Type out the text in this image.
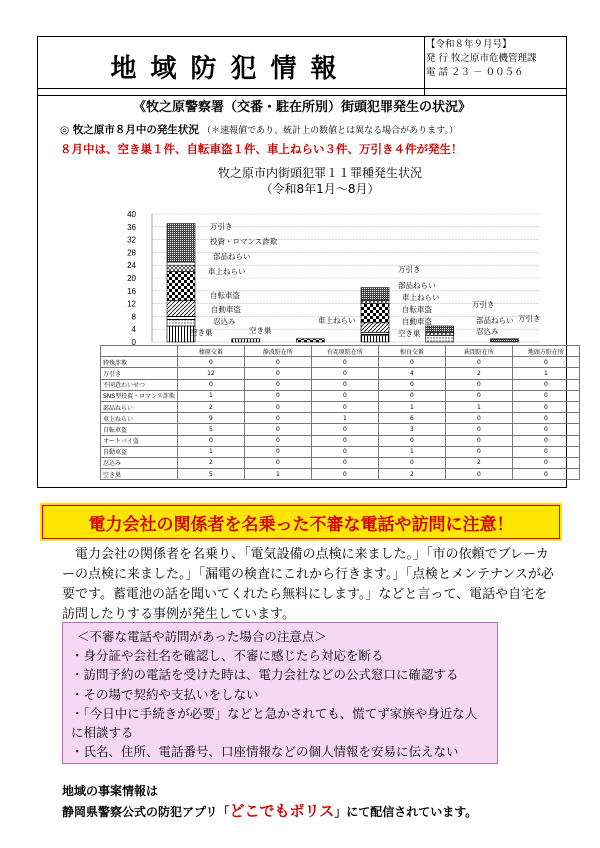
地域防犯情報
【令和８年９月号】
発 行 牧之原市危機管理課
電 話 ２３ － ００５６
《牧之原警察署（交番・駐在所別）街頭犯罪発生の状況》
◎ 牧之原市８月中の発生状況 （＊速報値であり、統計上の数値とは異なる場合があります。）
８月中は、空き巣１件、自転車盗１件、車上ねらい３件、万引き４件が発生！
牧之原市内街頭犯罪１１罪種発生状況
（令和8年1月～8月）
0
4
8
12
16
20
24
28
32
36
40
万引き
投資・ロマンス詐欺
部品ねらい
車上ねらい
自転車盗
自動車盗
忍込み
空き巣	空き巣
車上ねらい
万引き
部品ねらい
車上ねらい
自転車盗
自動車盗
空き巣
万引き
部品ねらい
忍込み
万引き
	榛原交番	静波駐在所	有㐂原駐在所	相良交番	萩間駐在所	地頭方駐在所
特殊詐欺	0	0	0	0	0	0
万引き	12	0	0	4	2	1
不同意わいせつ	0	0	0	0	0	0
SNS型投資・ロマンス詐欺	1	0	0	0	0	0
部品ねらい	2	0	0	1	1	0
車上ねらい	9	0	1	6	0	0
自転車盗	5	0	0	3	0	0
オートバイ盗	0	0	0	0	0	0
自動車盗	1	0	0	1	0	0
忍込み	2	0	0	0	2	0
空き巣	5	1	0	2	0	0
電力会社の関係者を名乗った不審な電話や訪問に注意！
電力会社の関係者を名乗り、「電気設備の点検に来ました。」「市の依頼でブレーカーの点検に来ました。」「漏電の検査にこれから行きます。」「点検とメンテナンスが必要です。蓄電池の話を聞いてくれたら無料にします。」などと言って、電話や自宅を訪問したりする事例が発生しています。
＜不審な電話や訪問があった場合の注意点＞
・身分証や会社名を確認し、不審に感じたら対応を断る
・訪問予約の電話を受けた時は、電力会社などの公式窓口に確認する
・その場で契約や支払いをしない
・「今日中に手続きが必要」などと急かされても、慌てず家族や身近な人に相談する
・氏名、住所、電話番号、口座情報などの個人情報を安易に伝えない
地域の事案情報は
静岡県警察公式の防犯アプリ「どこでもポリス」にて配信されています。
